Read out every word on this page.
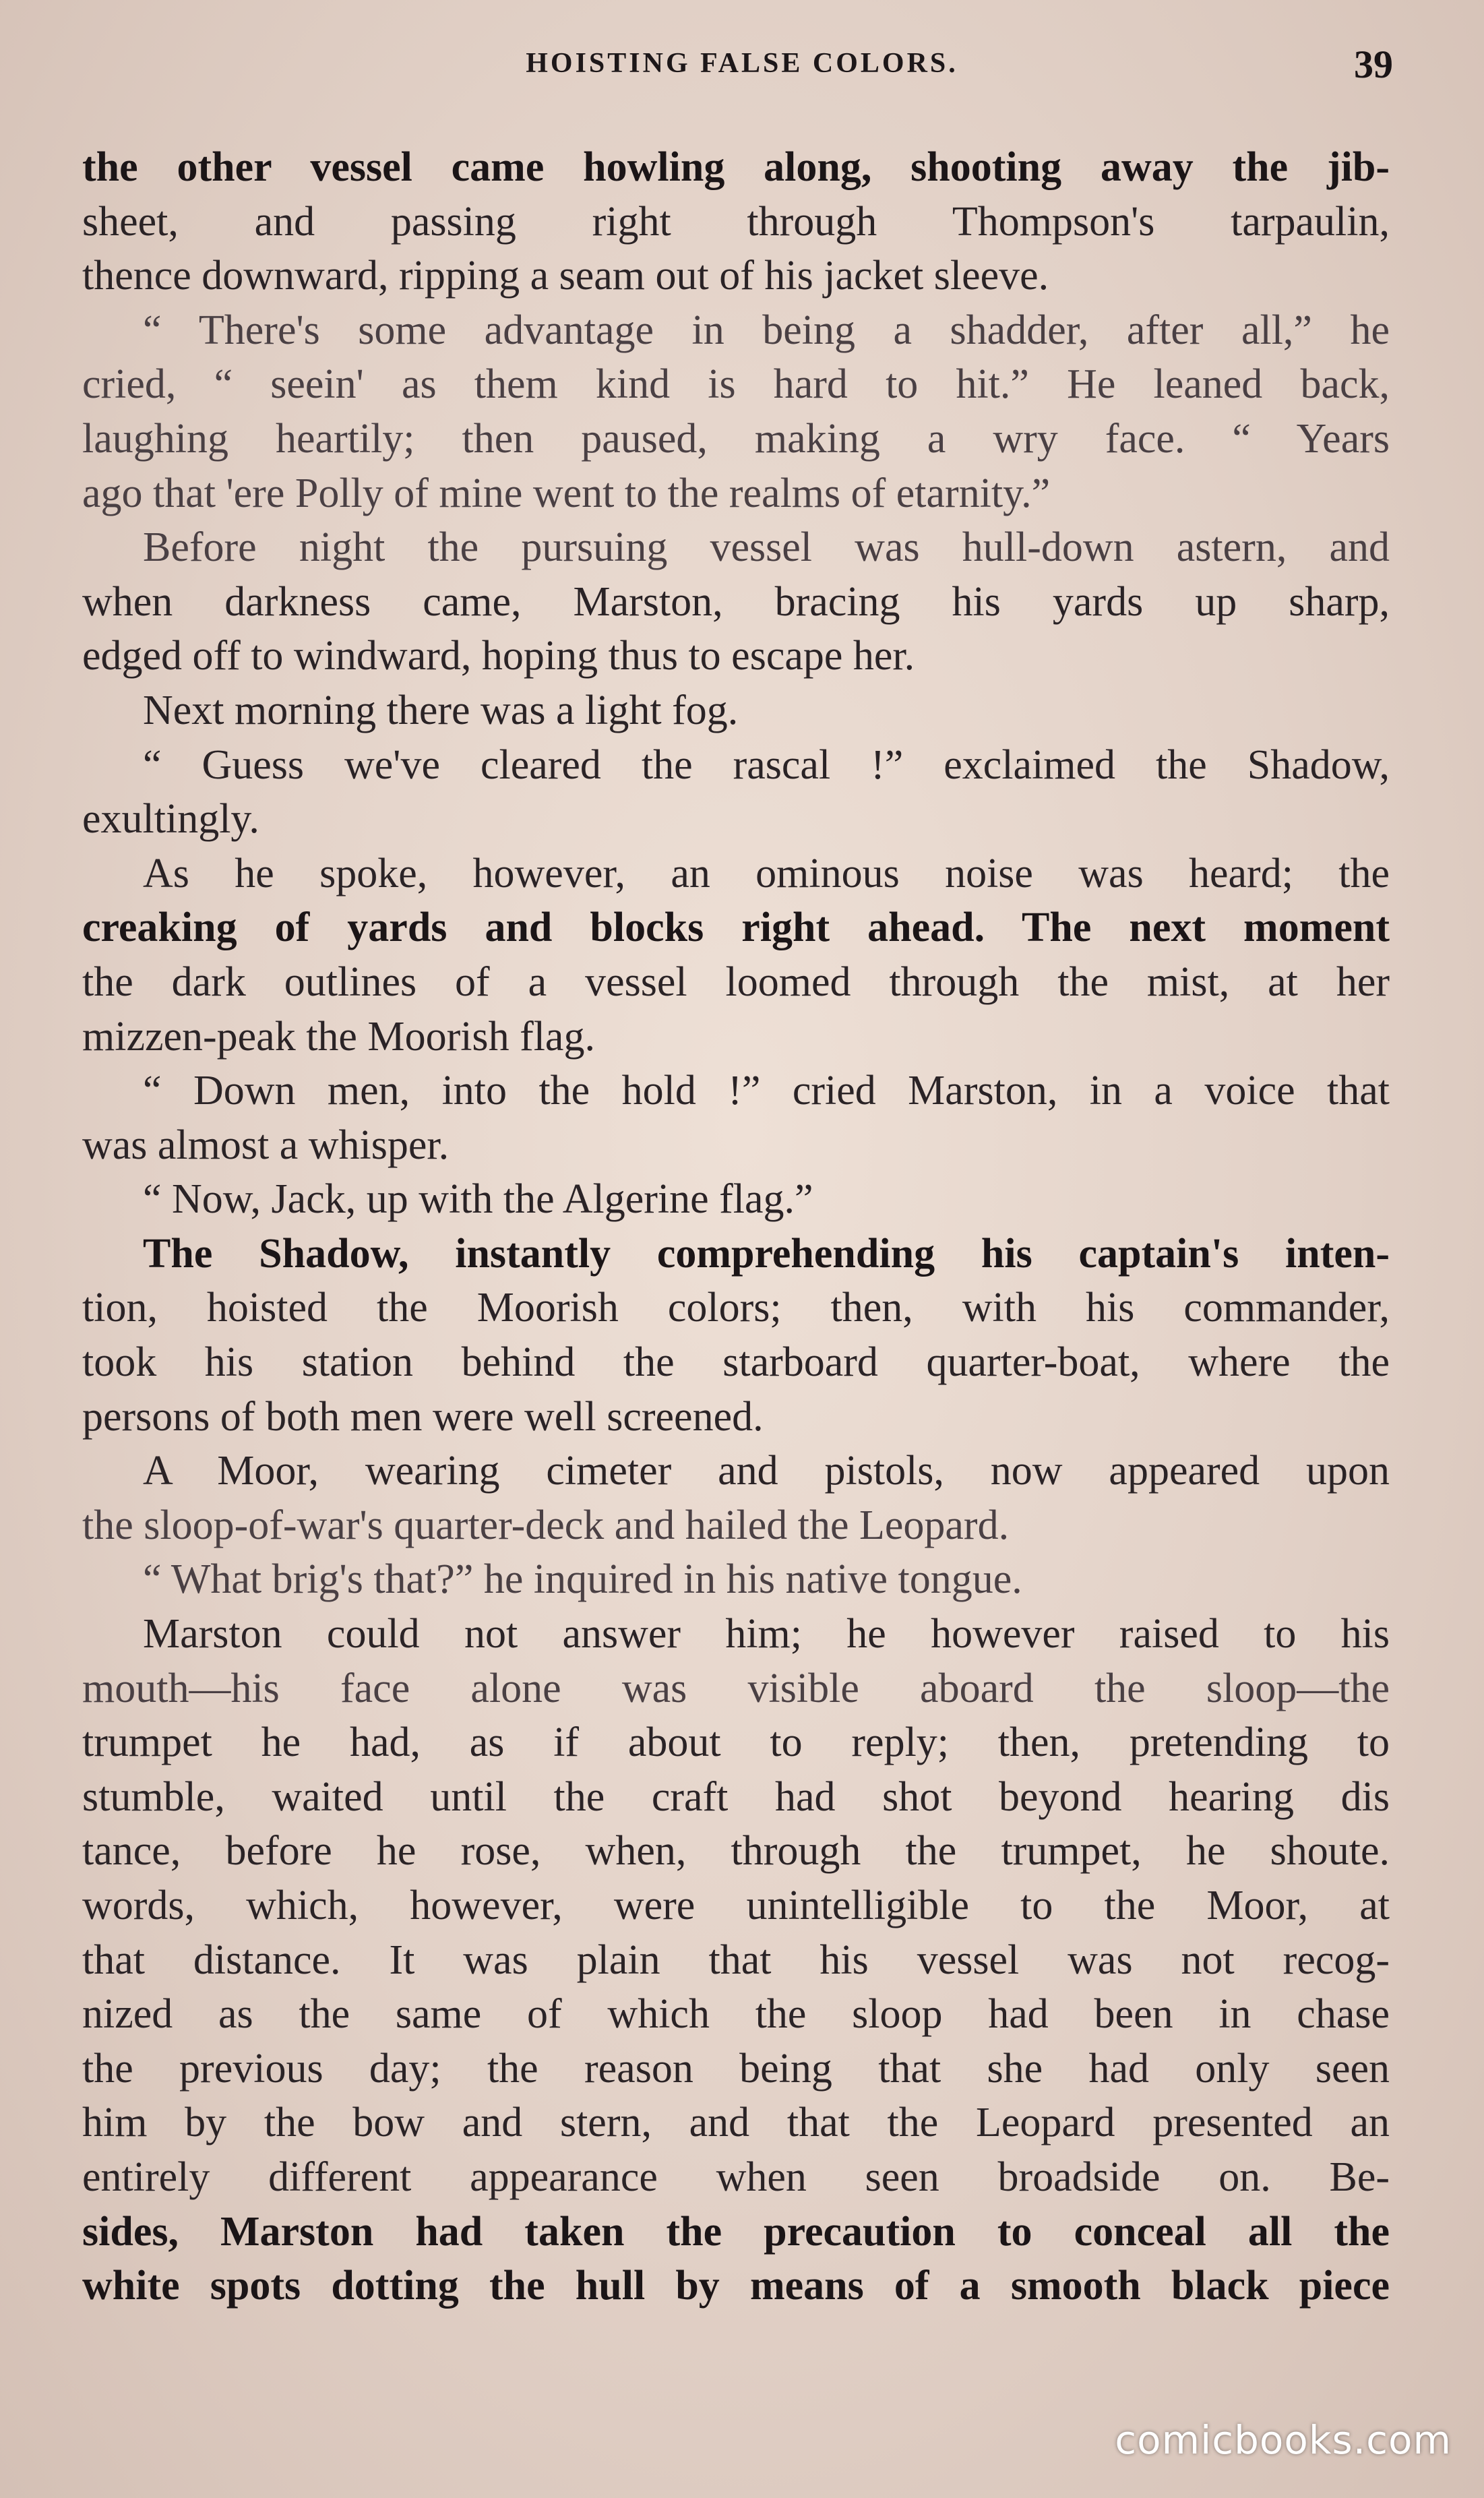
HOISTING FALSE COLORS.	39
the other vessel came howling along, shooting away the jib-
sheet, and passing right through Thompson's tarpaulin,
thence downward, ripping a seam out of his jacket sleeve.
“ There's some advantage in being a shadder, after all,” he
cried, “ seein' as them kind is hard to hit.” He leaned back,
laughing heartily; then paused, making a wry face. “ Years
ago that 'ere Polly of mine went to the realms of etarnity.”
Before night the pursuing vessel was hull-down astern, and
when darkness came, Marston, bracing his yards up sharp,
edged off to windward, hoping thus to escape her.
Next morning there was a light fog.
“ Guess we've cleared the rascal !” exclaimed the Shadow,
exultingly.
As he spoke, however, an ominous noise was heard; the
creaking of yards and blocks right ahead. The next moment
the dark outlines of a vessel loomed through the mist, at her
mizzen-peak the Moorish flag.
“ Down men, into the hold !” cried Marston, in a voice that
was almost a whisper.
“ Now, Jack, up with the Algerine flag.”
The Shadow, instantly comprehending his captain's inten-
tion, hoisted the Moorish colors; then, with his commander,
took his station behind the starboard quarter-boat, where the
persons of both men were well screened.
A Moor, wearing cimeter and pistols, now appeared upon
the sloop-of-war's quarter-deck and hailed the Leopard.
“ What brig's that?” he inquired in his native tongue.
Marston could not answer him; he however raised to his
mouth—his face alone was visible aboard the sloop—the
trumpet he had, as if about to reply; then, pretending to
stumble, waited until the craft had shot beyond hearing dis
tance, before he rose, when, through the trumpet, he shoute.
words, which, however, were unintelligible to the Moor, at
that distance. It was plain that his vessel was not recog-
nized as the same of which the sloop had been in chase
the previous day; the reason being that she had only seen
him by the bow and stern, and that the Leopard presented an
entirely different appearance when seen broadside on. Be-
sides, Marston had taken the precaution to conceal all the
white spots dotting the hull by means of a smooth black piece
comicbooks.com
